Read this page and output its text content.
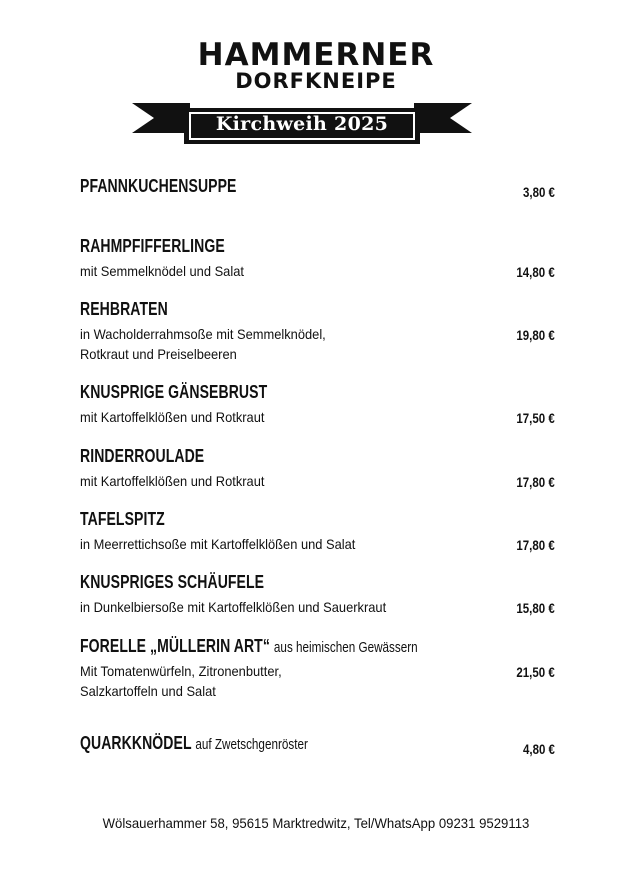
HAMMERNER
DORFKNEIPE
Kirchweih 2025
PFANNKUCHENSUPPE	3,80 €
RAHMPFIFFERLINGE
mit Semmelknödel und Salat	14,80 €
REHBRATEN
in Wacholderrahmsoße mit Semmelknödel,
Rotkraut und Preiselbeeren
19,80 €
KNUSPRIGE GÄNSEBRUST
mit Kartoffelklößen und Rotkraut	17,50 €
RINDERROULADE
mit Kartoffelklößen und Rotkraut	17,80 €
TAFELSPITZ
in Meerrettichsoße mit Kartoffelklößen und Salat	17,80 €
KNUSPRIGES SCHÄUFELE
in Dunkelbiersoße mit Kartoffelklößen und Sauerkraut	15,80 €
FORELLE „MÜLLERIN ART“ aus heimischen Gewässern
Mit Tomatenwürfeln, Zitronenbutter,
Salzkartoffeln und Salat
21,50 €
QUARKKNÖDEL auf Zwetschgenröster	4,80 €
Wölsauerhammer 58, 95615 Marktredwitz, Tel/WhatsApp 09231 9529113
